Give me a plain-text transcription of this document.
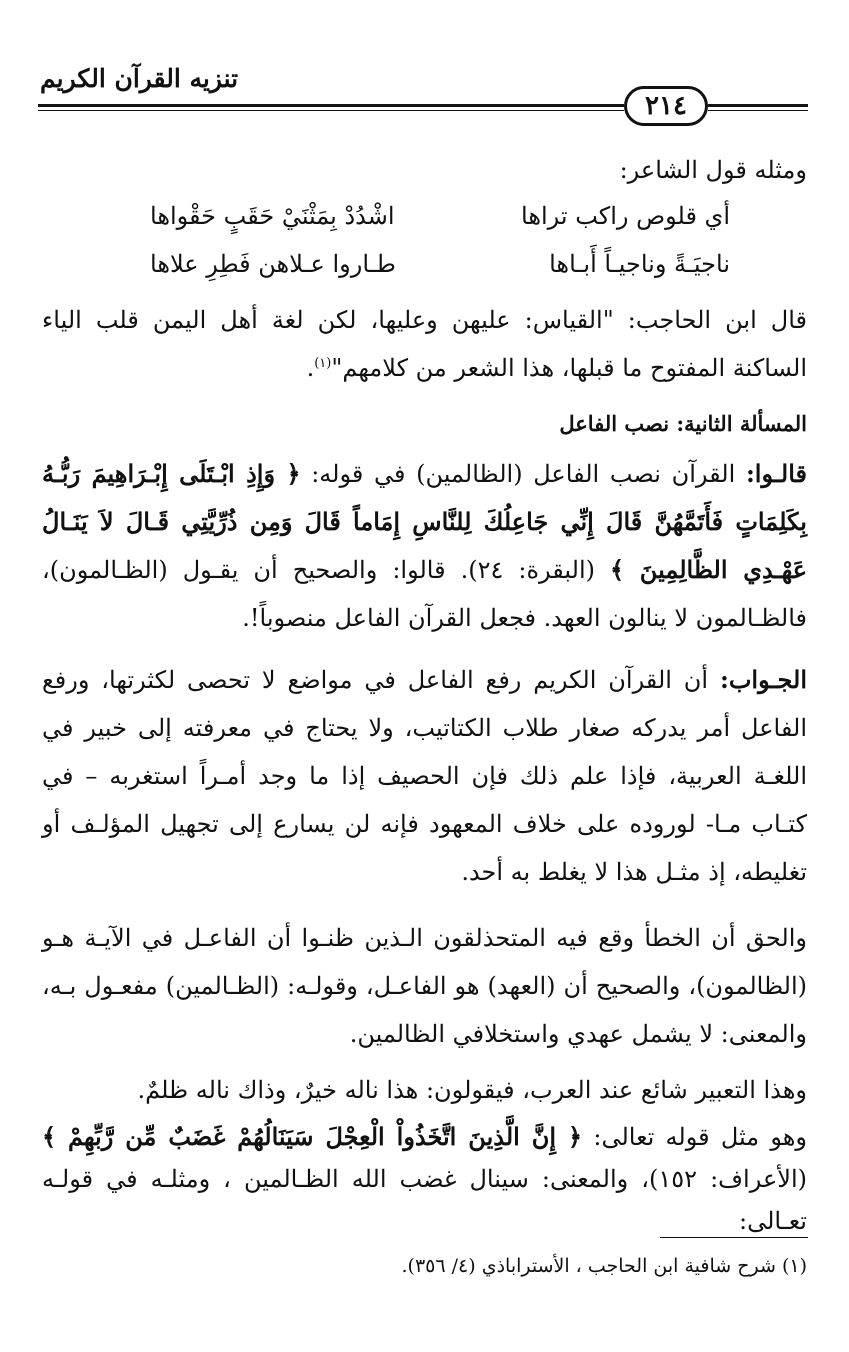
تنزيه القرآن الكريم
٢١٤

ومثله قول الشاعر:

أي قلوص راكب تراها
اشْدُدْ بِمَثْنَيْ حَقَبٍ حَقْواها
ناجيَـةً وناجيـاً أَبـاها
طـاروا عـلاهن فَطِرِ علاها

قال ابن الحاجب: "القياس: عليهن وعليها، لكن لغة أهل اليمن قلب الياء الساكنة المفتوح ما قبلها، هذا الشعر من كلامهم"$^{(١)}$.

المسألة الثانية: نصب الفاعل

قالـوا: القرآن نصب الفاعل (الظالمين) في قوله: ﴿ وَإِذِ ابْـتَلَى إِبْـرَاهِيمَ رَبُّـهُ بِكَلِمَاتٍ فَأَتَمَّهُنَّ قَالَ إِنِّي جَاعِلُكَ لِلنَّاسِ إِمَاماً قَالَ وَمِن ذُرِّيَّتِي قَـالَ لاَ يَنَـالُ عَهْـدِي الظَّالِمِينَ ﴾ (البقرة: ٢٤). قالوا: والصحيح أن يقـول (الظـالمون)، فالظـالمون لا ينالون العهد. فجعل القرآن الفاعل منصوباً!.

الجـواب: أن القرآن الكريم رفع الفاعل في مواضع لا تحصى لكثرتها، ورفع الفاعل أمر يدركه صغار طلاب الكتاتيب، ولا يحتاج في معرفته إلى خبير في اللغـة العربية، فإذا علم ذلك فإن الحصيف إذا ما وجد أمـراً استغربه – في كتـاب مـا- لوروده على خلاف المعهود فإنه لن يسارع إلى تجهيل المؤلـف أو تغليطه، إذ مثـل هذا لا يغلط به أحد.

والحق أن الخطأ وقع فيه المتحذلقون الـذين ظنـوا أن الفاعـل في الآيـة هـو (الظالمون)، والصحيح أن (العهد) هو الفاعـل، وقولـه: (الظـالمين) مفعـول بـه، والمعنى: لا يشمل عهدي واستخلافي الظالمين.

وهذا التعبير شائع عند العرب، فيقولون: هذا ناله خيرٌ، وذاك ناله ظلمٌ.

وهو مثل قوله تعالى: ﴿ إِنَّ الَّذِينَ اتَّخَذُواْ الْعِجْلَ سَيَنَالُهُمْ غَضَبٌ مِّن رَّبِّهِمْ ﴾ (الأعراف: ١٥٢)، والمعنى: سينال غضب الله الظـالمين ، ومثلـه في قولـه تعـالى:

(١) شرح شافية ابن الحاجب ، الأستراباذي (٤/ ٣٥٦).
